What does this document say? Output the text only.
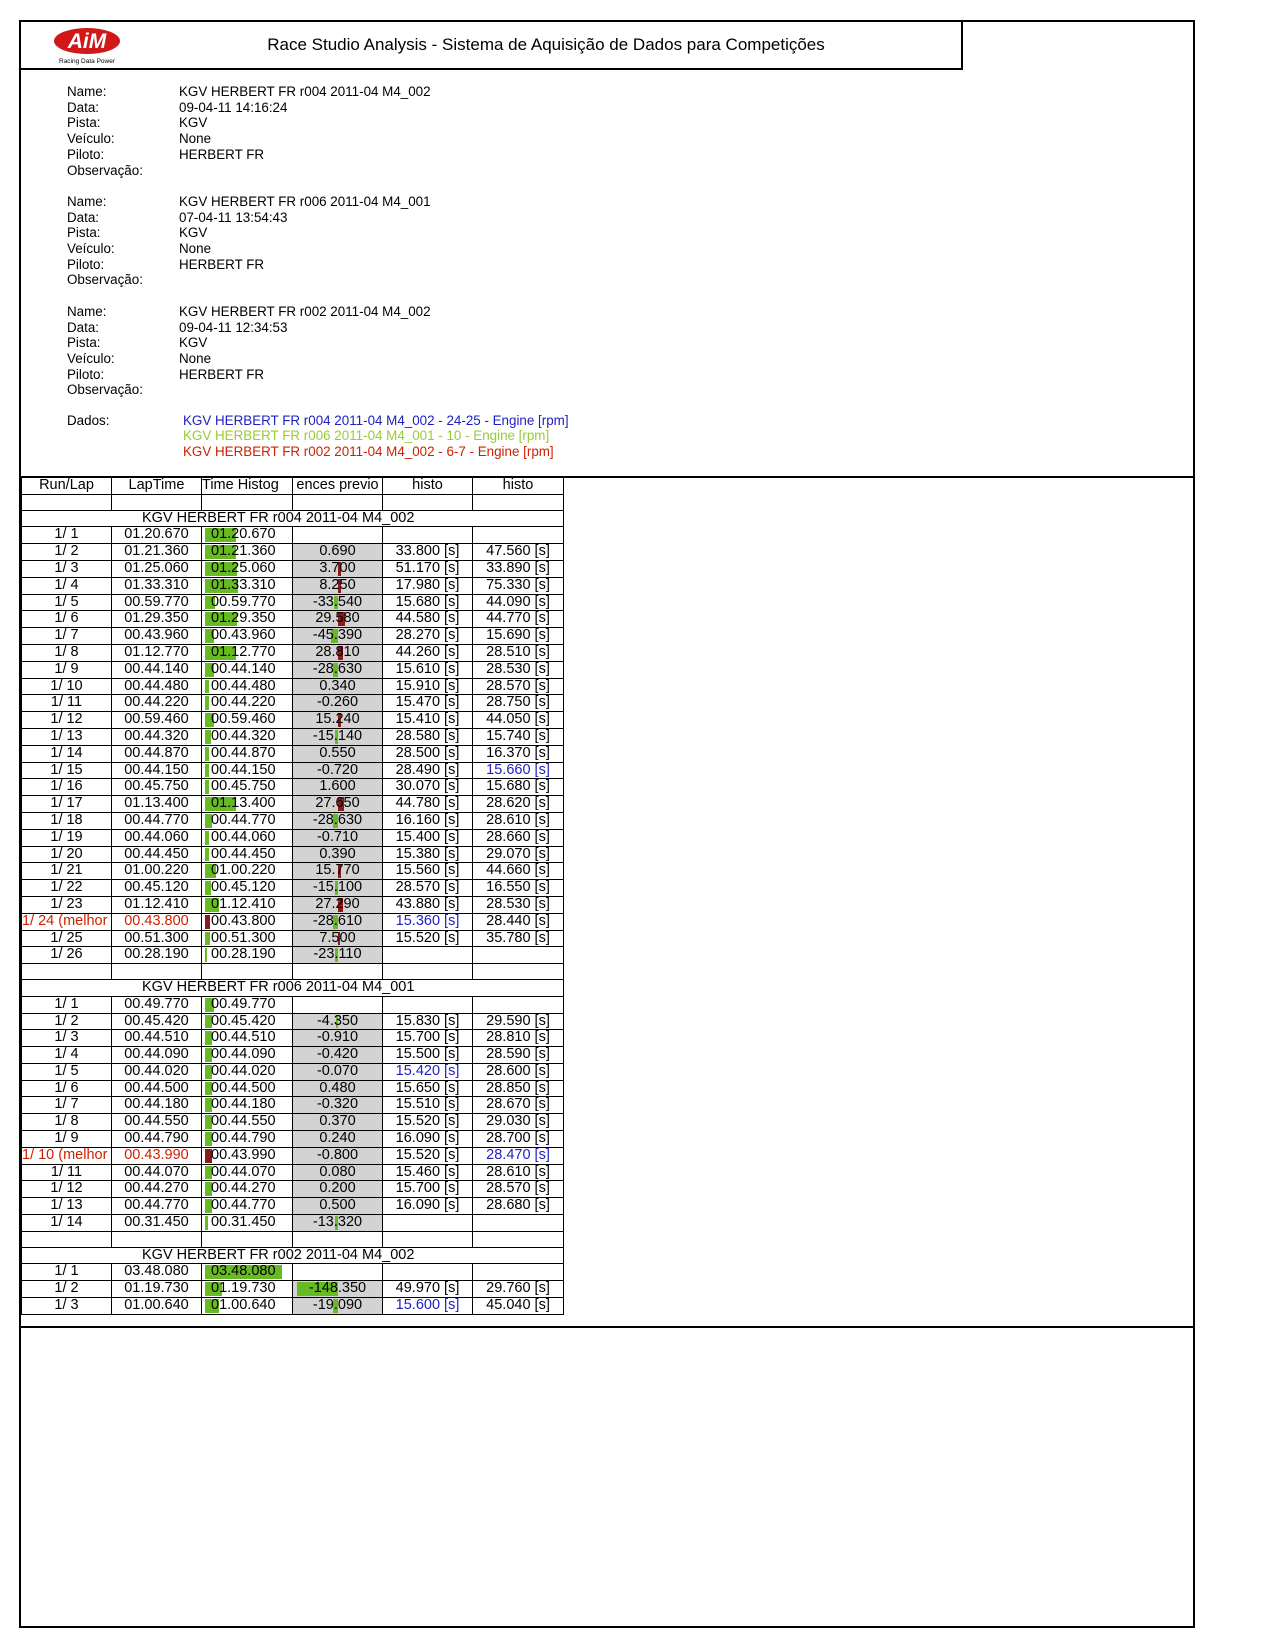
AiM
Racing Data Power
Race Studio Analysis - Sistema de Aquisição de Dados para Competições
Name:	KGV HERBERT FR r004 2011-04 M4_002
Data:	09-04-11 14:16:24
Pista:	KGV
Veículo:	None
Piloto:	HERBERT FR
Observação:
Name:	KGV HERBERT FR r006 2011-04 M4_001
Data:	07-04-11 13:54:43
Pista:	KGV
Veículo:	None
Piloto:	HERBERT FR
Observação:
Name:	KGV HERBERT FR r002 2011-04 M4_002
Data:	09-04-11 12:34:53
Pista:	KGV
Veículo:	None
Piloto:	HERBERT FR
Observação:
Dados:	KGV HERBERT FR r004 2011-04 M4_002 - 24-25 - Engine [rpm]
KGV HERBERT FR r006 2011-04 M4_001 - 10 - Engine [rpm]
KGV HERBERT FR r002 2011-04 M4_002 - 6-7 - Engine [rpm]
Run/Lap	LapTime	Time Histog	ences previo	histo	histo

KGV HERBERT FR r004 2011-04 M4_002					
1/ 1	01.20.670	01.20.670			
1/ 2	01.21.360	01.21.360	0.690	33.800 [s]	47.560 [s]
1/ 3	01.25.060	01.25.060	3.700	51.170 [s]	33.890 [s]
1/ 4	01.33.310	01.33.310	8.250	17.980 [s]	75.330 [s]
1/ 5	00.59.770	00.59.770	-33.540	15.680 [s]	44.090 [s]
1/ 6	01.29.350	01.29.350	29.580	44.580 [s]	44.770 [s]
1/ 7	00.43.960	00.43.960	-45.390	28.270 [s]	15.690 [s]
1/ 8	01.12.770	01.12.770	28.810	44.260 [s]	28.510 [s]
1/ 9	00.44.140	00.44.140	-28.630	15.610 [s]	28.530 [s]
1/ 10	00.44.480	00.44.480	0.340	15.910 [s]	28.570 [s]
1/ 11	00.44.220	00.44.220	-0.260	15.470 [s]	28.750 [s]
1/ 12	00.59.460	00.59.460	15.240	15.410 [s]	44.050 [s]
1/ 13	00.44.320	00.44.320	-15.140	28.580 [s]	15.740 [s]
1/ 14	00.44.870	00.44.870	0.550	28.500 [s]	16.370 [s]
1/ 15	00.44.150	00.44.150	-0.720	28.490 [s]	15.660 [s]
1/ 16	00.45.750	00.45.750	1.600	30.070 [s]	15.680 [s]
1/ 17	01.13.400	01.13.400	27.650	44.780 [s]	28.620 [s]
1/ 18	00.44.770	00.44.770	-28.630	16.160 [s]	28.610 [s]
1/ 19	00.44.060	00.44.060	-0.710	15.400 [s]	28.660 [s]
1/ 20	00.44.450	00.44.450	0.390	15.380 [s]	29.070 [s]
1/ 21	01.00.220	01.00.220	15.770	15.560 [s]	44.660 [s]
1/ 22	00.45.120	00.45.120	-15.100	28.570 [s]	16.550 [s]
1/ 23	01.12.410	01.12.410	27.290	43.880 [s]	28.530 [s]
1/ 24 (melhor	00.43.800	00.43.800	-28.610	15.360 [s]	28.440 [s]
1/ 25	00.51.300	00.51.300	7.500	15.520 [s]	35.780 [s]
1/ 26	00.28.190	00.28.190	-23.110		

KGV HERBERT FR r006 2011-04 M4_001					
1/ 1	00.49.770	00.49.770			
1/ 2	00.45.420	00.45.420	-4.350	15.830 [s]	29.590 [s]
1/ 3	00.44.510	00.44.510	-0.910	15.700 [s]	28.810 [s]
1/ 4	00.44.090	00.44.090	-0.420	15.500 [s]	28.590 [s]
1/ 5	00.44.020	00.44.020	-0.070	15.420 [s]	28.600 [s]
1/ 6	00.44.500	00.44.500	0.480	15.650 [s]	28.850 [s]
1/ 7	00.44.180	00.44.180	-0.320	15.510 [s]	28.670 [s]
1/ 8	00.44.550	00.44.550	0.370	15.520 [s]	29.030 [s]
1/ 9	00.44.790	00.44.790	0.240	16.090 [s]	28.700 [s]
1/ 10 (melhor	00.43.990	00.43.990	-0.800	15.520 [s]	28.470 [s]
1/ 11	00.44.070	00.44.070	0.080	15.460 [s]	28.610 [s]
1/ 12	00.44.270	00.44.270	0.200	15.700 [s]	28.570 [s]
1/ 13	00.44.770	00.44.770	0.500	16.090 [s]	28.680 [s]
1/ 14	00.31.450	00.31.450	-13.320		

KGV HERBERT FR r002 2011-04 M4_002					
1/ 1	03.48.080	03.48.080			
1/ 2	01.19.730	01.19.730	-148.350	49.970 [s]	29.760 [s]
1/ 3	01.00.640	01.00.640	-19.090	15.600 [s]	45.040 [s]
